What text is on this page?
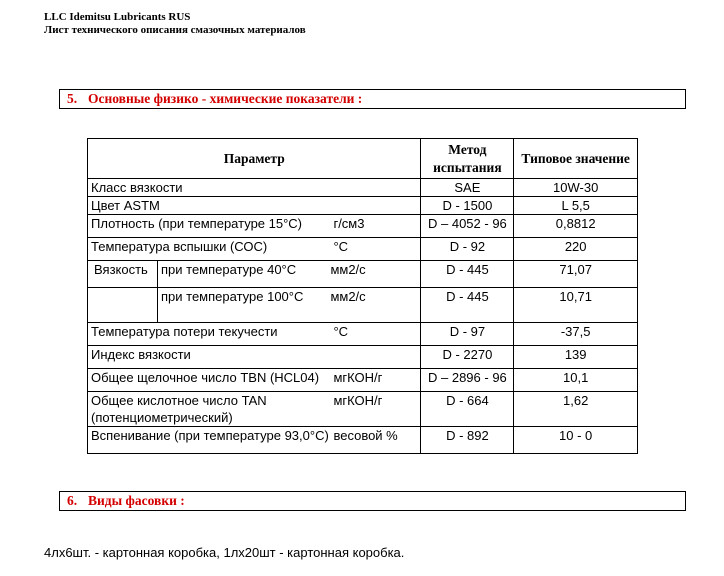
LLC Idemitsu Lubricants RUS
Лист технического описания смазочных материалов
5. Основные физико - химические показатели :
Параметр	Метод испытания	Типовое значение

Класс вязкости	SAE	10W-30

Цвет ASTM	D - 1500	L 5,5

Плотность (при температуре 15°С) г/см3	D – 4052 - 96	0,8812

Температура вспышки (СОС) °С	D - 92	220

Вязкость при температуре 40°С мм2/с	D - 445	71,07

при температуре 100°С мм2/с	D - 445	10,71

Температура потери текучести °С	D - 97	-37,5

Индекс вязкости	D - 2270	139

Общее щелочное число TBN (HCL04) мгКОН/г	D – 2896 - 96	10,1

Общее кислотное число TAN мгКОН/г
(потенциометрический)	D - 664	1,62

Вспенивание (при температуре 93,0°С) весовой %	D - 892	10 - 0
6. Виды фасовки :
4лх6шт. - картонная коробка, 1лх20шт - картонная коробка.
